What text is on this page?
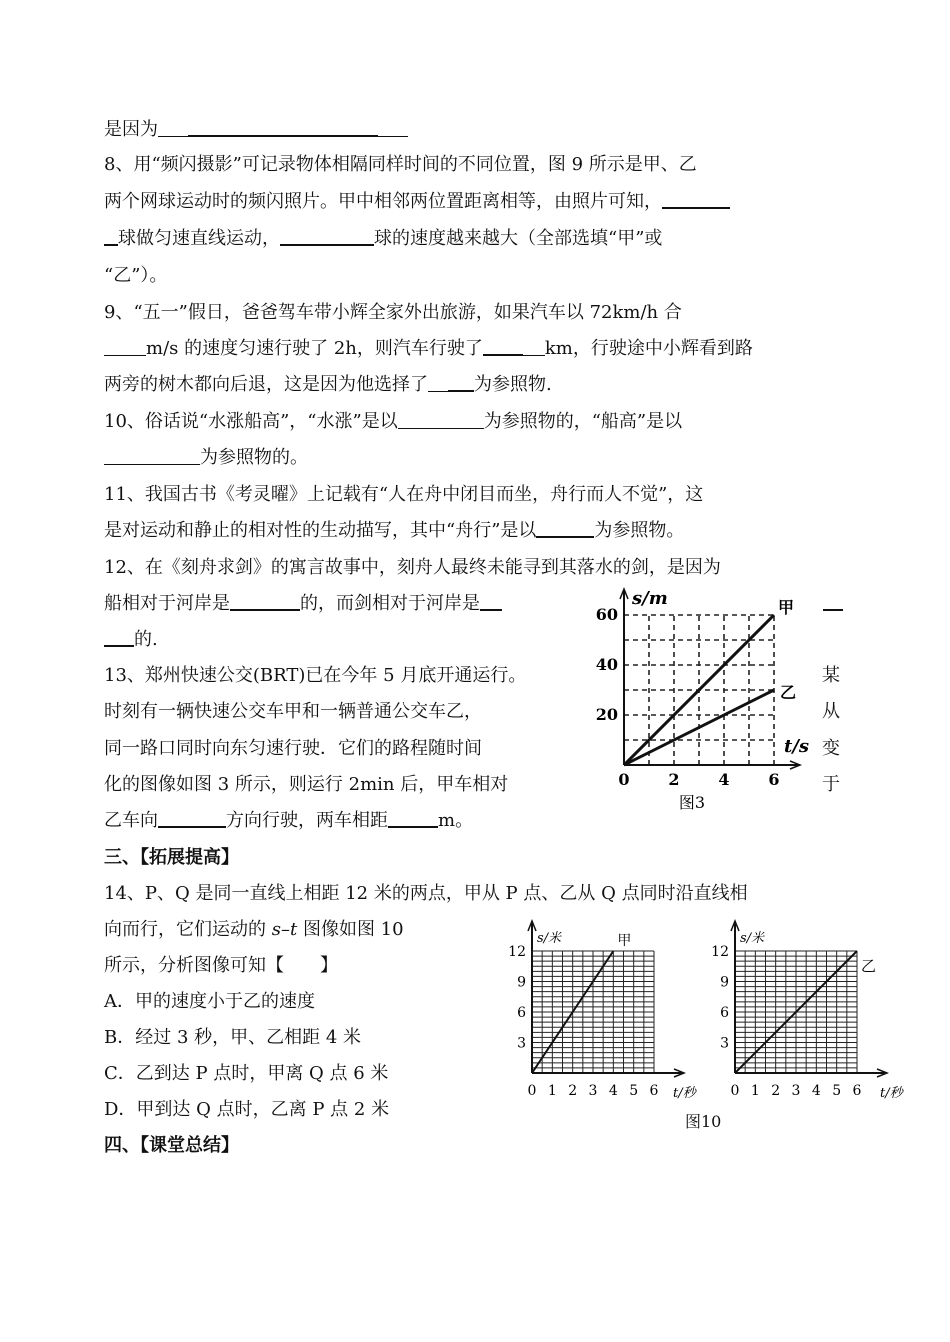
是因为
8、用“频闪摄影”可记录物体相隔同样时间的不同位置，图 9 所示是甲、乙
两个网球运动时的频闪照片。甲中相邻两位置距离相等，由照片可知，
球做匀速直线运动，	球的速度越来越大（全部选填“甲”或
“乙”）。
9、“五一”假日，爸爸驾车带小辉全家外出旅游，如果汽车以 72km/h 合
m/s 的速度匀速行驶了 2h，则汽车行驶了	km，行驶途中小辉看到路
两旁的树木都向后退，这是因为他选择了	为参照物.
10、俗话说“水涨船高”，“水涨”是以	为参照物的，“船高”是以
为参照物的。
11、我国古书《考灵曜》上记载有“人在舟中闭目而坐，舟行而人不觉”，这
是对运动和静止的相对性的生动描写，其中“舟行”是以	为参照物。
12、在《刻舟求剑》的寓言故事中，刻舟人最终未能寻到其落水的剑，是因为
船相对于河岸是	的，而剑相对于河岸是
的.
13、郑州快速公交(BRT)已在今年 5 月底开通运行。
时刻有一辆快速公交车甲和一辆普通公交车乙，
同一路口同时向东匀速行驶．它们的路程随时间
化的图像如图 3 所示，则运行 2min 后，甲车相对
乙车向	方向行驶，两车相距	m。
某
从
变
于
三、【拓展提高】
14、P、Q 是同一直线上相距 12 米的两点，甲从 P 点、乙从 Q 点同时沿直线相
向而行，它们运动的 s–t 图像如图 10
所示，分析图像可知【　　】
A．甲的速度小于乙的速度
B．经过 3 秒，甲、乙相距 4 米
C．乙到达 P 点时，甲离 Q 点 6 米
D．甲到达 Q 点时，乙离 P 点 2 米
四、【课堂总结】
0 2 4 6
20
40
60
s/m
t/s
甲
乙
图3
0 1 2 3 4 5 6
3
6
9
12
s/米
t/秒
甲
0 1 2 3 4 5 6
3
6
9
12
s/米
t/秒
乙
图10
